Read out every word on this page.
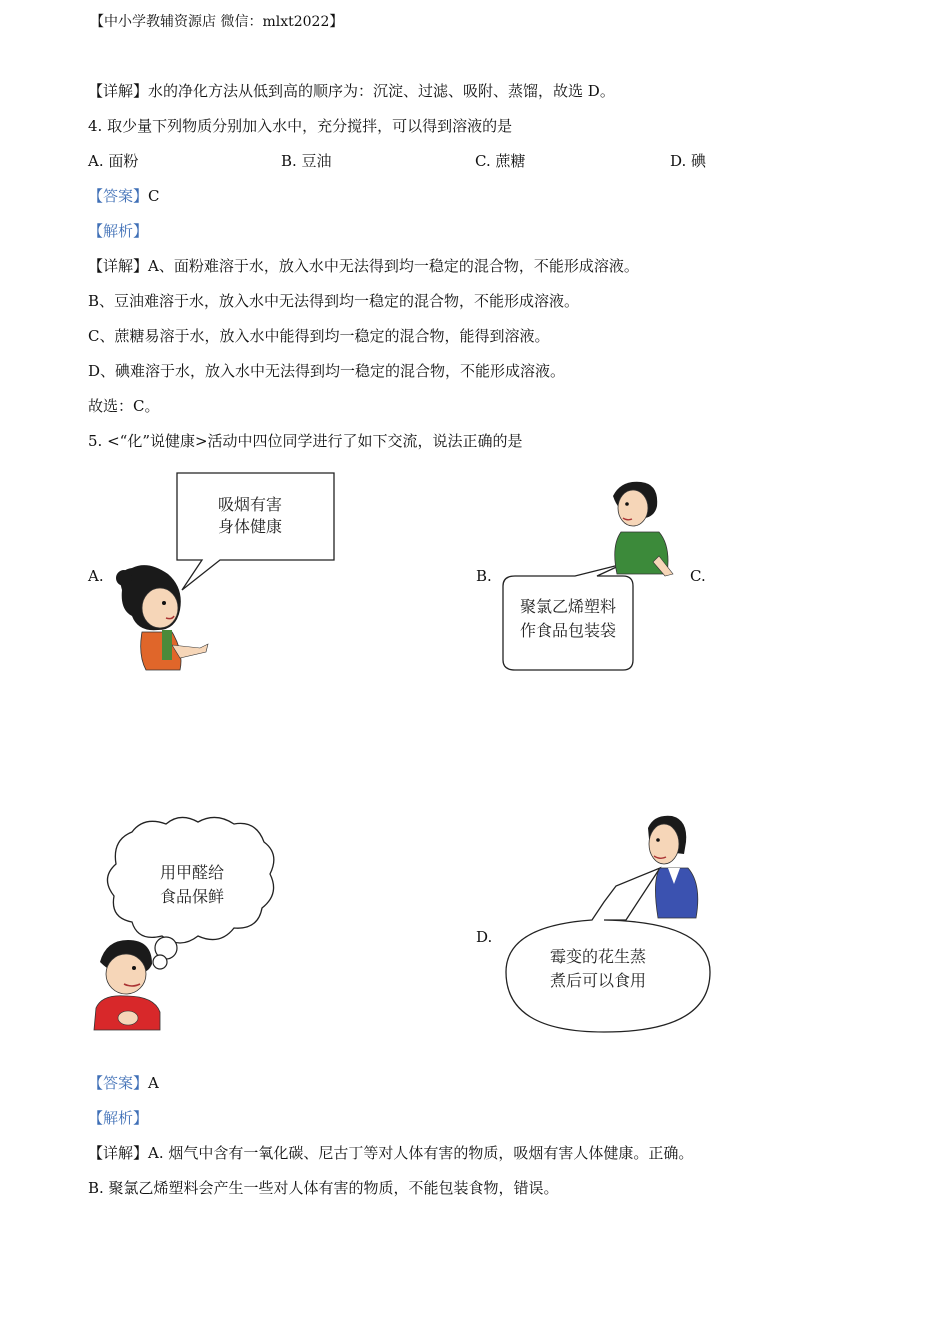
【中小学教辅资源店 微信：mlxt2022】
【详解】水的净化方法从低到高的顺序为：沉淀、过滤、吸附、蒸馏，故选 D。
4. 取少量下列物质分别加入水中，充分搅拌，可以得到溶液的是
A. 面粉	B. 豆油	C. 蔗糖	D. 碘
【答案】C
【解析】
【详解】A、面粉难溶于水，放入水中无法得到均一稳定的混合物，不能形成溶液。
B、豆油难溶于水，放入水中无法得到均一稳定的混合物，不能形成溶液。
C、蔗糖易溶于水，放入水中能得到均一稳定的混合物，能得到溶液。
D、碘难溶于水，放入水中无法得到均一稳定的混合物，不能形成溶液。
故选：C。
5. <“化”说健康>活动中四位同学进行了如下交流，说法正确的是
A.
吸烟有害
身体健康
B.	C.
聚氯乙烯塑料
作食品包装袋
用甲醛给
食品保鲜
D.
霉变的花生蒸
煮后可以食用
【答案】A
【解析】
【详解】A. 烟气中含有一氧化碳、尼古丁等对人体有害的物质，吸烟有害人体健康。正确。
B. 聚氯乙烯塑料会产生一些对人体有害的物质，不能包装食物，错误。
